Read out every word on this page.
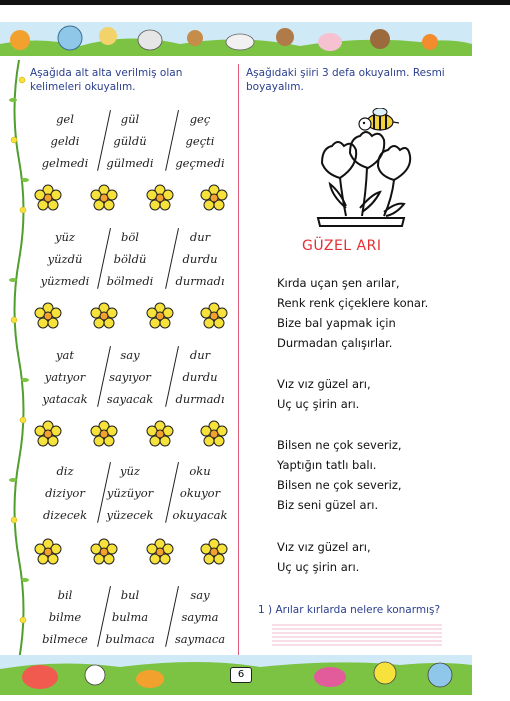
Aşağıda alt alta verilmiş olan kelimeleri okuyalım.
Aşağıdaki şiiri 3 defa okuyalım. Resmi boyayalım.
gel
geldi
gelmedi
gül
güldü
gülmedi
geç
geçti
geçmedi
yüz
yüzdü
yüzmedi
böl
böldü
bölmedi
dur
durdu
durmadı
yat
yatıyor
yatacak
say
sayıyor
sayacak
dur
durdu
durmadı
diz
diziyor
dizecek
yüz
yüzüyor
yüzecek
oku
okuyor
okuyacak
bil
bilme
bilmece
bul
bulma
bulmaca
say
sayma
saymaca
GÜZEL ARI
Kırda uçan şen arılar,
Renk renk çiçeklere konar.
Bize bal yapmak için
Durmadan çalışırlar.
Vız vız güzel arı,
Uç uç şirin arı.
Bilsen ne çok severiz,
Yaptığın tatlı balı.
Bilsen ne çok severiz,
Biz seni güzel arı.
Vız vız güzel arı,
Uç uç şirin arı.
1 ) Arılar kırlarda nelere konarmış?
6
